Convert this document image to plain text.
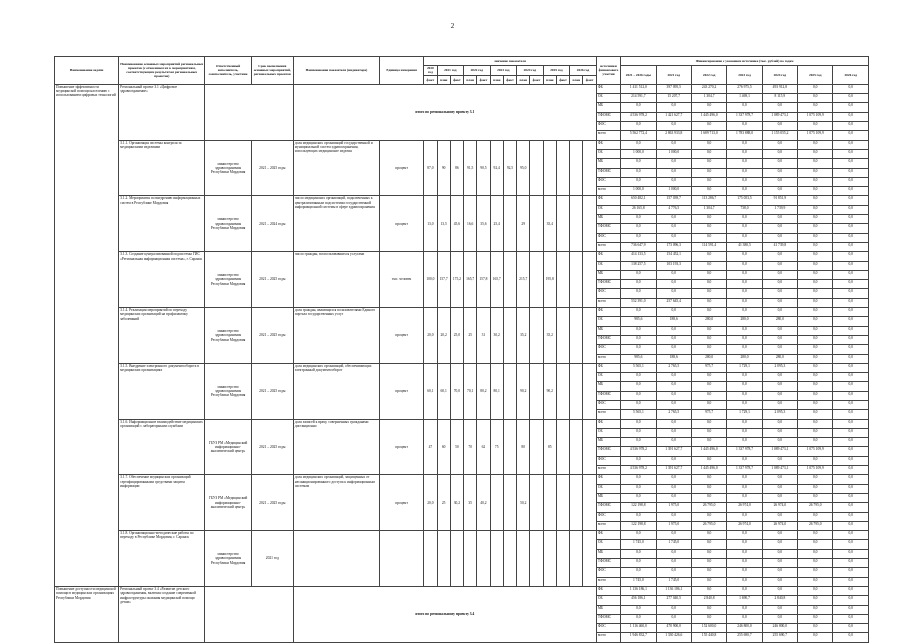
2
Наименование задачи	Наименование основных мероприятий региональных проектов (с отнесением их к мероприятиям, соответствующим результатам региональных проектов)	Ответственный исполнитель, соисполнитель, участник	Срок выполнения основных мероприятий, региональных проектов	Наименование показателя (индикатора)	Единица измерения	значение показателя													источники финансового участия	Финансирование с указанием источника (тыс. рублей) по годам						
						2020 год	2021 год		2022 год		2023 год		2024 год		2025 год		2026 год			2021 – 2026 годы	2021 год	2022 год	2023 год	2024 год	2025 год	2026 год
						факт	план	факт	план	факт	план	факт	план	факт	план	факт	план	факт								
Повышение эффективности медицинской помощи населению с использованием цифровых технологий	Региональный проект 3.1 «Цифровое здравоохранение»			итого по региональному проекту 3.1															ФБ	1 411 512,0	397 095,5	243 270,2	276 975,5	493 912,8	0,0	0,0
																			ОБ	214 591,7	15 207,7	1 304,7	1 469,1	8 115,9	0,0	0,0
																			МБ	0,0	0,0	0,0	0,0	0,0	0,0	0,0
																			ТФОМС	4 536 978,2	1 421 627,7	1 445 496,0	1 337 978,7	1 089 473,1	1 075 109,9	0,0
																			ФОС	0,0	0,0	0,0	0,0	0,0	0,0	0,0
																			всего	5 562 772,4	2 863 933,8	1 689 713,0	1 783 888,0	1 155 055,2	1 075 109,9	0,0
	3.1.1. Организация системы контроля за медицинскими изделиями	министерство здравоохранения Республики Мордовия	2021 – 2025 годы	доля медицинских организаций государственной и муниципальной систем здравоохранения, использующих медицинские изделия	процент	87,0	90	86	91,5	90,5	92,4	92,5	95,0						ФБ	0,0	0,0	0,0	0,0	0,0	0,0	0,0
																			ОБ	1 000,0	1 000,0	0,0	0,0	0,0	0,0	0,0
																			МБ	0,0	0,0	0,0	0,0	0,0	0,0	0,0
																			ТФОМС	0,0	0,0	0,0	0,0	0,0	0,0	0,0
																			ФОС	0,0	0,0	0,0	0,0	0,0	0,0	0,0
																			всего	1 000,0	1 000,0	0,0	0,0	0,0	0,0	0,0
	3.1.2. Мероприятия по внедрению информационных систем в Республике Мордовия	министерство здравоохранения Республики Мордовия	2021 – 2024 годы	число медицинских организаций, подключенных к централизованным подсистемам государственной информационной системы в сфере здравоохранения	процент	13,0	13,5	45,6	16,6	35,6	25,4		29		35,4				ФБ	650 482,1	157 039,7	113 286,7	175 053,5	91 851,9	0,0	0,0
																			ОБ	26 165,8	4 776,5	1 304,7	738,0	1 739,9	0,0	0,0
																			МБ	0,0	0,0	0,0	0,0	0,0	0,0	0,0
																			ТФОМС	0,0	0,0	0,0	0,0	0,0	0,0	0,0
																			ФОС	0,0	0,0	0,0	0,0	0,0	0,0	0,0
																			всего	736 647,9	173 096,3	114 591,4	41 380,5	41 739,8	0,0	0,0
	3.1.3. Создание централизованной подсистемы ГИС «Региональная информационная система», г. Саранск	министерство здравоохранения Республики Мордовия	2021 – 2025 годы	число граждан, воспользовавшихся услугами	тыс. человек	100,0	157,7	175,2	165,7	157,8	165,7		215,7		195,8				ФБ	414 133,5	154 452,1	0,0	0,0	0,0	0,0	0,0
																			ОБ	138 257,5	103 193,3	0,0	0,0	0,0	0,0	0,0
																			МБ	0,0	0,0	0,0	0,0	0,0	0,0	0,0
																			ТФОМС	0,0	0,0	0,0	0,0	0,0	0,0	0,0
																			ФОС	0,0	0,0	0,0	0,0	0,0	0,0	0,0
																			всего	552 391,0	257 645,4	0,0	0,0	0,0	0,0	0,0
	3.1.4. Реализация мероприятий по переходу медицинских организаций на профилактику заболеваний	министерство здравоохранения Республики Мордовия	2021 – 2025 годы	доля граждан, являющихся пользователями Единого портала государственных услуг	процент	20,0	20,2	25,0	25	31	30,2		35,2		35,2				ФБ	0,0	0,0	0,0	0,0	0,0	0,0	0,0
																			ОБ	985,6	188,6	280,0	280,0	280,0	0,0	0,0
																			МБ	0,0	0,0	0,0	0,0	0,0	0,0	0,0
																			ТФОМС	0,0	0,0	0,0	0,0	0,0	0,0	0,0
																			ФОС	0,0	0,0	0,0	0,0	0,0	0,0	0,0
																			всего	985,6	188,6	280,0	280,0	280,0	0,0	0,0
	3.1.5. Внедрение электронного документооборота в медицинских организациях	министерство здравоохранения Республики Мордовия	2021 – 2025 годы	доля медицинских организаций, обеспечивающих электронный документооборот	процент	60,1	60,1	70,0	70,1	80,2	80,1		90,2		90,2				ФБ	5 565,1	2 765,5	975,7	1 729,1	2 095,3	0,0	0,0
																			ОБ	0,0	0,0	0,0	0,0	0,0	0,0	0,0
																			МБ	0,0	0,0	0,0	0,0	0,0	0,0	0,0
																			ТФОМС	0,0	0,0	0,0	0,0	0,0	0,0	0,0
																			ФОС	0,0	0,0	0,0	0,0	0,0	0,0	0,0
																			всего	5 565,1	2 765,5	975,7	1 729,1	2 095,3	0,0	0,0
	3.1.6. Информационное взаимодействие медицинских организаций с лабораторными службами	ГБУЗ РМ «Медицинский информационно-аналитический центр»	2021 – 2025 годы	доля записей к врачу, совершенных гражданами дистанционно	процент	47	60	50	70	62	75		80		85				ФБ	0,0	0,0	0,0	0,0	0,0	0,0	0,0
																			ОБ	0,0	0,0	0,0	0,0	0,0	0,0	0,0
																			МБ	0,0	0,0	0,0	0,0	0,0	0,0	0,0
																			ТФОМС	4 536 978,2	1 391 627,7	1 445 496,0	1 337 978,7	1 089 473,1	1 075 109,9	0,0
																			ФОС	0,0	0,0	0,0	0,0	0,0	0,0	0,0
																			всего	4 536 978,2	1 391 627,7	1 445 496,0	1 337 978,7	1 089 473,1	1 075 109,9	0,0
	3.1.7. Обеспечение медицинских организаций сертифицированными средствами защиты информации	ГБУЗ РМ «Медицинский информационно-аналитический центр»	2021 – 2025 годы	доля медицинских организаций, защищенных от несанкционированного доступа к информационным системам	процент	20,0	25	30,2	35	40,2			50,2						ФБ	0,0	0,0	0,0	0,0	0,0	0,0	0,0
																			ОБ	0,0	0,0	0,0	0,0	0,0	0,0	0,0
																			МБ	0,0	0,0	0,0	0,0	0,0	0,0	0,0
																			ТФОМС	122 198,8	1 975,0	26 795,0	26 974,0	26 974,0	26 795,0	0,0
																			ФОС	0,0	0,0	0,0	0,0	0,0	0,0	0,0
																			всего	122 198,8	1 975,0	26 795,0	26 974,0	26 974,0	26 795,0	0,0
	3.1.8. Организационно-методические работы по переходу в Республике Мордовия, г. Саранск	министерство здравоохранения Республики Мордовия	2021 год																ФБ	0,0	0,0	0,0	0,0	0,0	0,0	0,0
																			ОБ	1 745,0	1 745,0	0,0	0,0	0,0	0,0	0,0
																			МБ	0,0	0,0	0,0	0,0	0,0	0,0	0,0
																			ТФОМС	0,0	0,0	0,0	0,0	0,0	0,0	0,0
																			ФОС	0,0	0,0	0,0	0,0	0,0	0,0	0,0
																			всего	1 745,0	1 745,0	0,0	0,0	0,0	0,0	0,0
Повышение доступности медицинской помощи в медицинских организациях Республики Мордовия	Региональный проект 3.4 «Развитие детского здравоохранения, включая создание современной инфраструктуры оказания медицинской помощи детям»			итого по региональному проекту 3.4															ФБ	1 136 186,1	1 136 186,1	0,0	0,0	0,0	0,0	0,0
																			ОБ	456 186,1	277 040,5	2 840,8	1 690,7	2 840,8	0,0	0,0
																			МБ	0,0	0,0	0,0	0,0	0,0	0,0	0,0
																			ТФОМС	0,0	0,0	0,0	0,0	0,0	0,0	0,0
																			ФОС	1 116 460,0	470 900,0	152 600,0	246 800,0	246 800,0	0,0	0,0
																			всего	1 946 832,7	1 330 426,6	155 440,8	255 690,7	255 690,7	0,0	0,0
